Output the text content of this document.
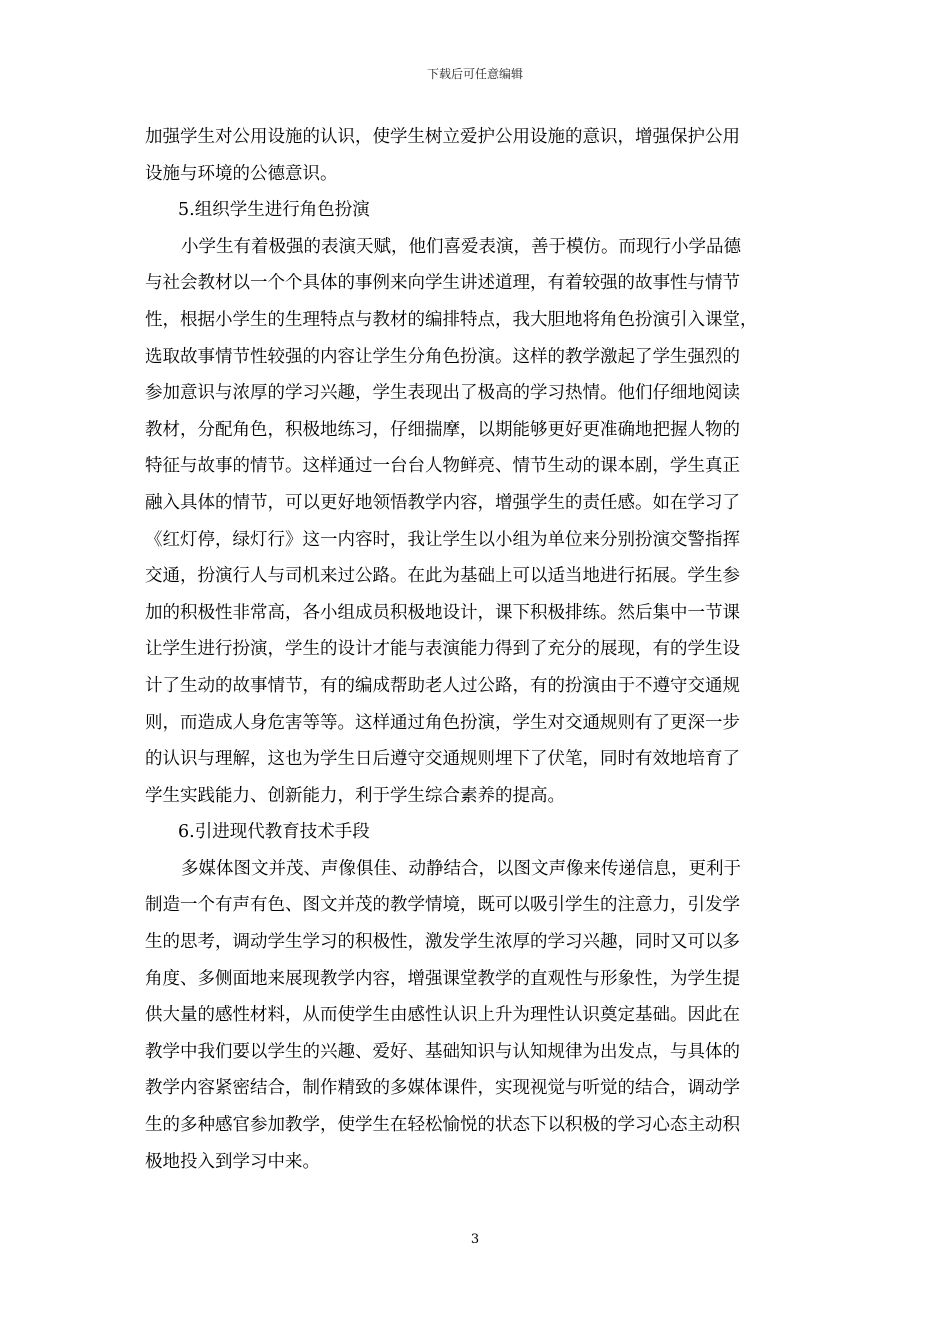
下载后可任意编辑
加强学生对公用设施的认识，使学生树立爱护公用设施的意识，增强保护公用
设施与环境的公德意识。
5.组织学生进行角色扮演
小学生有着极强的表演天赋，他们喜爱表演，善于模仿。而现行小学品德
与社会教材以一个个具体的事例来向学生讲述道理，有着较强的故事性与情节
性，根据小学生的生理特点与教材的编排特点，我大胆地将角色扮演引入课堂，
选取故事情节性较强的内容让学生分角色扮演。这样的教学激起了学生强烈的
参加意识与浓厚的学习兴趣，学生表现出了极高的学习热情。他们仔细地阅读
教材，分配角色，积极地练习，仔细揣摩，以期能够更好更准确地把握人物的
特征与故事的情节。这样通过一台台人物鲜亮、情节生动的课本剧，学生真正
融入具体的情节，可以更好地领悟教学内容，增强学生的责任感。如在学习了
《红灯停，绿灯行》这一内容时，我让学生以小组为单位来分别扮演交警指挥
交通，扮演行人与司机来过公路。在此为基础上可以适当地进行拓展。学生参
加的积极性非常高，各小组成员积极地设计，课下积极排练。然后集中一节课
让学生进行扮演，学生的设计才能与表演能力得到了充分的展现，有的学生设
计了生动的故事情节，有的编成帮助老人过公路，有的扮演由于不遵守交通规
则，而造成人身危害等等。这样通过角色扮演，学生对交通规则有了更深一步
的认识与理解，这也为学生日后遵守交通规则埋下了伏笔，同时有效地培育了
学生实践能力、创新能力，利于学生综合素养的提高。
6.引进现代教育技术手段
多媒体图文并茂、声像俱佳、动静结合，以图文声像来传递信息，更利于
制造一个有声有色、图文并茂的教学情境，既可以吸引学生的注意力，引发学
生的思考，调动学生学习的积极性，激发学生浓厚的学习兴趣，同时又可以多
角度、多侧面地来展现教学内容，增强课堂教学的直观性与形象性，为学生提
供大量的感性材料，从而使学生由感性认识上升为理性认识奠定基础。因此在
教学中我们要以学生的兴趣、爱好、基础知识与认知规律为出发点，与具体的
教学内容紧密结合，制作精致的多媒体课件，实现视觉与听觉的结合，调动学
生的多种感官参加教学，使学生在轻松愉悦的状态下以积极的学习心态主动积
极地投入到学习中来。
3
